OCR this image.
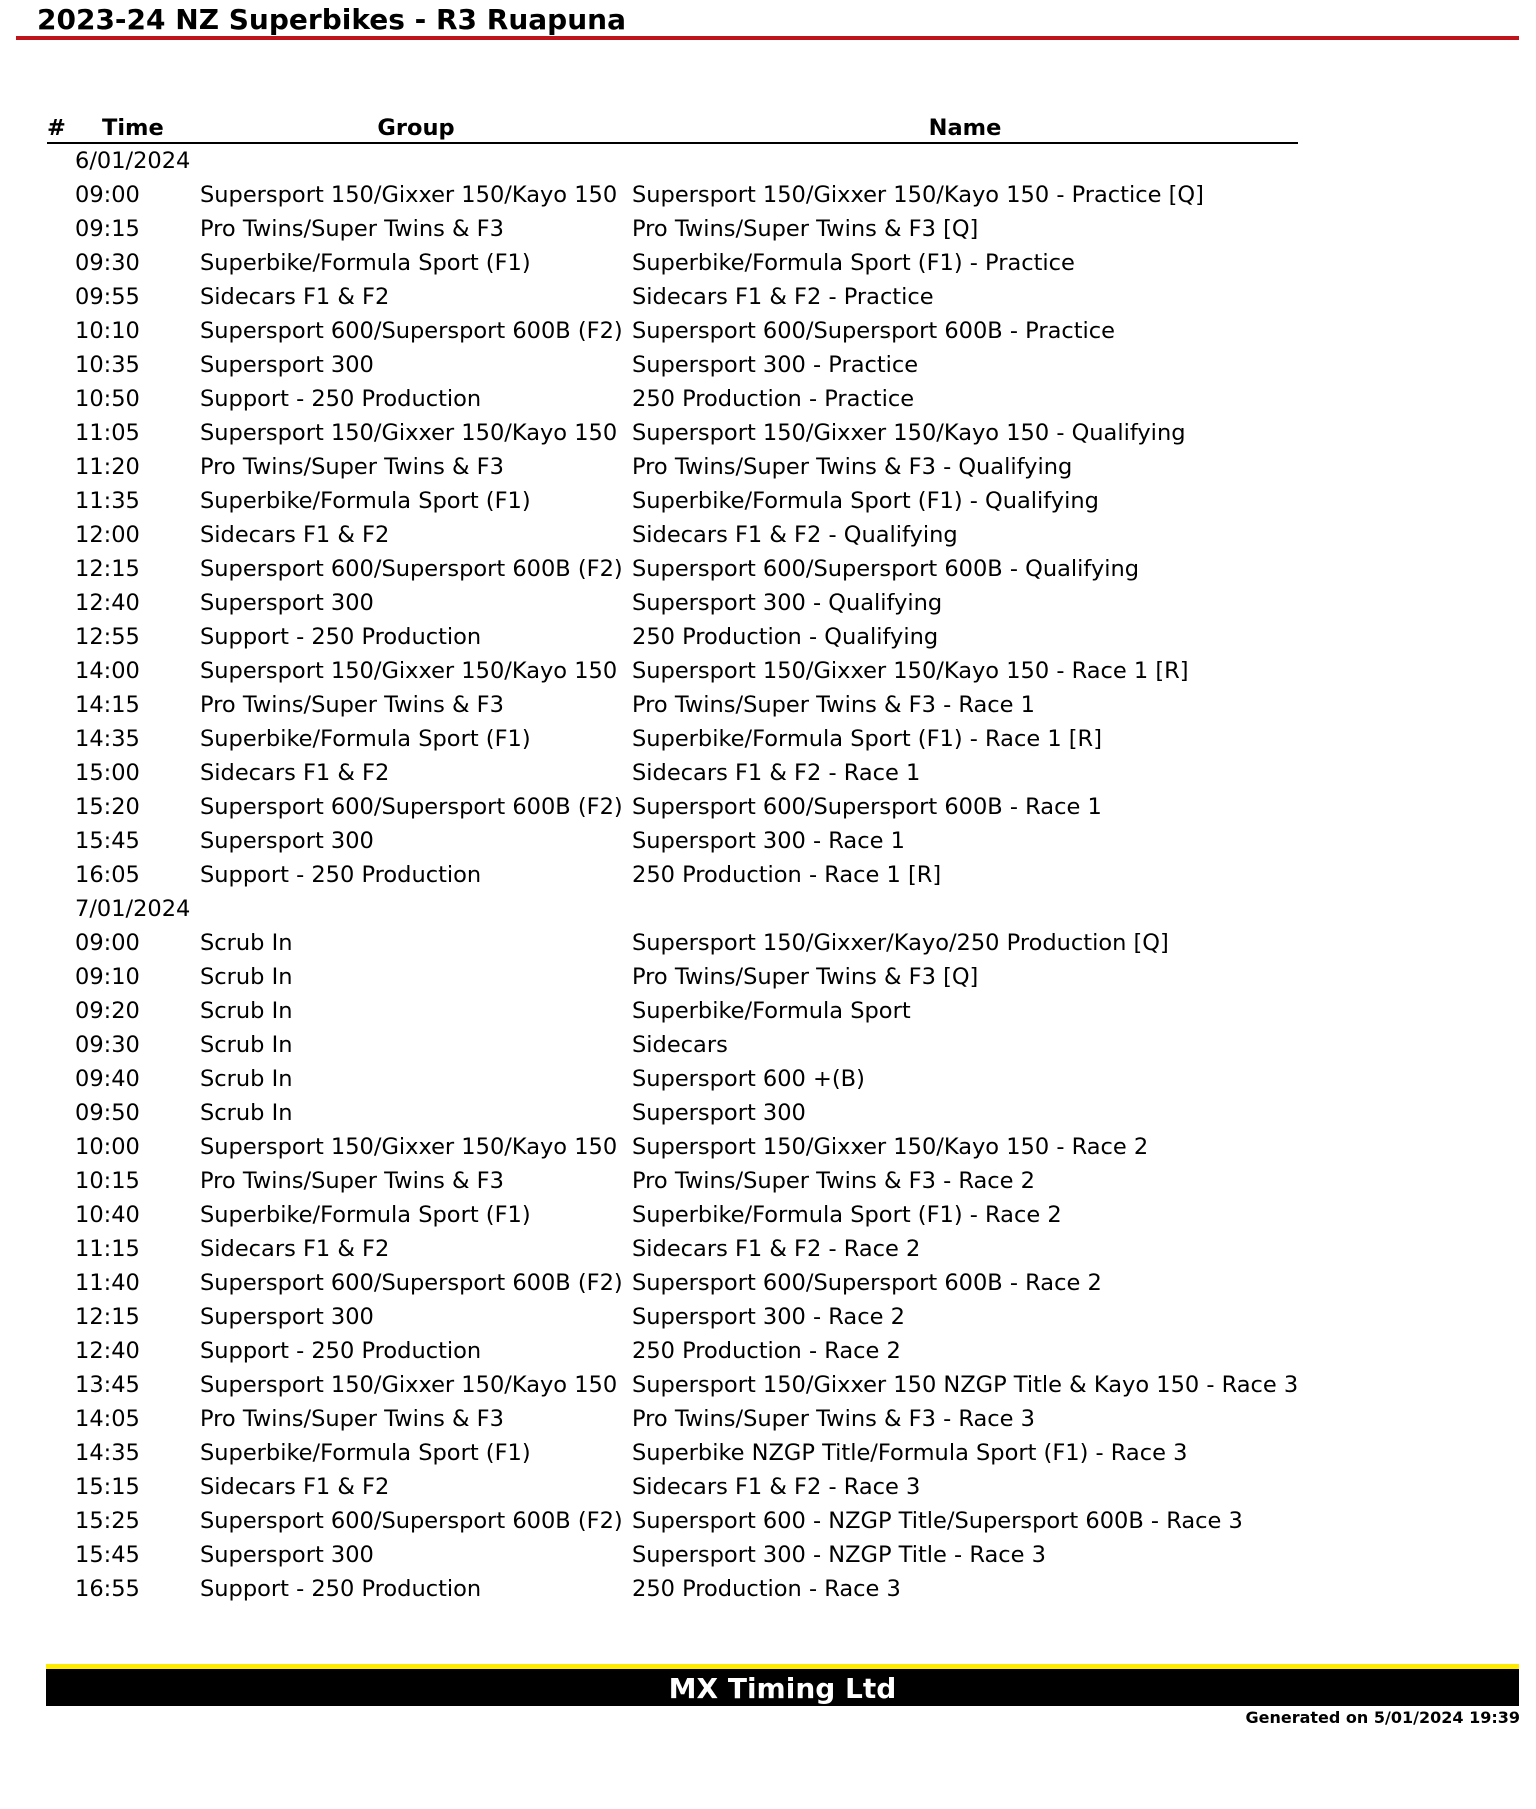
2023-24 NZ Superbikes - R3 Ruapuna
#	Time	Group	Name
	6/01/2024		
	09:00	Supersport 150/Gixxer 150/Kayo 150	Supersport 150/Gixxer 150/Kayo 150 - Practice [Q]
	09:15	Pro Twins/Super Twins & F3	Pro Twins/Super Twins & F3 [Q]
	09:30	Superbike/Formula Sport (F1)	Superbike/Formula Sport (F1) - Practice
	09:55	Sidecars F1 & F2	Sidecars F1 & F2 - Practice
	10:10	Supersport 600/Supersport 600B (F2)	Supersport 600/Supersport 600B - Practice
	10:35	Supersport 300	Supersport 300 - Practice
	10:50	Support - 250 Production	250 Production - Practice
	11:05	Supersport 150/Gixxer 150/Kayo 150	Supersport 150/Gixxer 150/Kayo 150 - Qualifying
	11:20	Pro Twins/Super Twins & F3	Pro Twins/Super Twins & F3 - Qualifying
	11:35	Superbike/Formula Sport (F1)	Superbike/Formula Sport (F1) - Qualifying
	12:00	Sidecars F1 & F2	Sidecars F1 & F2 - Qualifying
	12:15	Supersport 600/Supersport 600B (F2)	Supersport 600/Supersport 600B - Qualifying
	12:40	Supersport 300	Supersport 300 - Qualifying
	12:55	Support - 250 Production	250 Production - Qualifying
	14:00	Supersport 150/Gixxer 150/Kayo 150	Supersport 150/Gixxer 150/Kayo 150 - Race 1 [R]
	14:15	Pro Twins/Super Twins & F3	Pro Twins/Super Twins & F3 - Race 1
	14:35	Superbike/Formula Sport (F1)	Superbike/Formula Sport (F1) - Race 1 [R]
	15:00	Sidecars F1 & F2	Sidecars F1 & F2 - Race 1
	15:20	Supersport 600/Supersport 600B (F2)	Supersport 600/Supersport 600B - Race 1
	15:45	Supersport 300	Supersport 300 - Race 1
	16:05	Support - 250 Production	250 Production - Race 1 [R]
	7/01/2024		
	09:00	Scrub In	Supersport 150/Gixxer/Kayo/250 Production [Q]
	09:10	Scrub In	Pro Twins/Super Twins & F3 [Q]
	09:20	Scrub In	Superbike/Formula Sport
	09:30	Scrub In	Sidecars
	09:40	Scrub In	Supersport 600 +(B)
	09:50	Scrub In	Supersport 300
	10:00	Supersport 150/Gixxer 150/Kayo 150	Supersport 150/Gixxer 150/Kayo 150 - Race 2
	10:15	Pro Twins/Super Twins & F3	Pro Twins/Super Twins & F3 - Race 2
	10:40	Superbike/Formula Sport (F1)	Superbike/Formula Sport (F1) - Race 2
	11:15	Sidecars F1 & F2	Sidecars F1 & F2 - Race 2
	11:40	Supersport 600/Supersport 600B (F2)	Supersport 600/Supersport 600B - Race 2
	12:15	Supersport 300	Supersport 300 - Race 2
	12:40	Support - 250 Production	250 Production - Race 2
	13:45	Supersport 150/Gixxer 150/Kayo 150	Supersport 150/Gixxer 150 NZGP Title & Kayo 150 - Race 3
	14:05	Pro Twins/Super Twins & F3	Pro Twins/Super Twins & F3 - Race 3
	14:35	Superbike/Formula Sport (F1)	Superbike NZGP Title/Formula Sport (F1) - Race 3
	15:15	Sidecars F1 & F2	Sidecars F1 & F2 - Race 3
	15:25	Supersport 600/Supersport 600B (F2)	Supersport 600 - NZGP Title/Supersport 600B - Race 3
	15:45	Supersport 300	Supersport 300 - NZGP Title - Race 3
	16:55	Support - 250 Production	250 Production - Race 3
MX Timing Ltd
Generated on 5/01/2024 19:39
